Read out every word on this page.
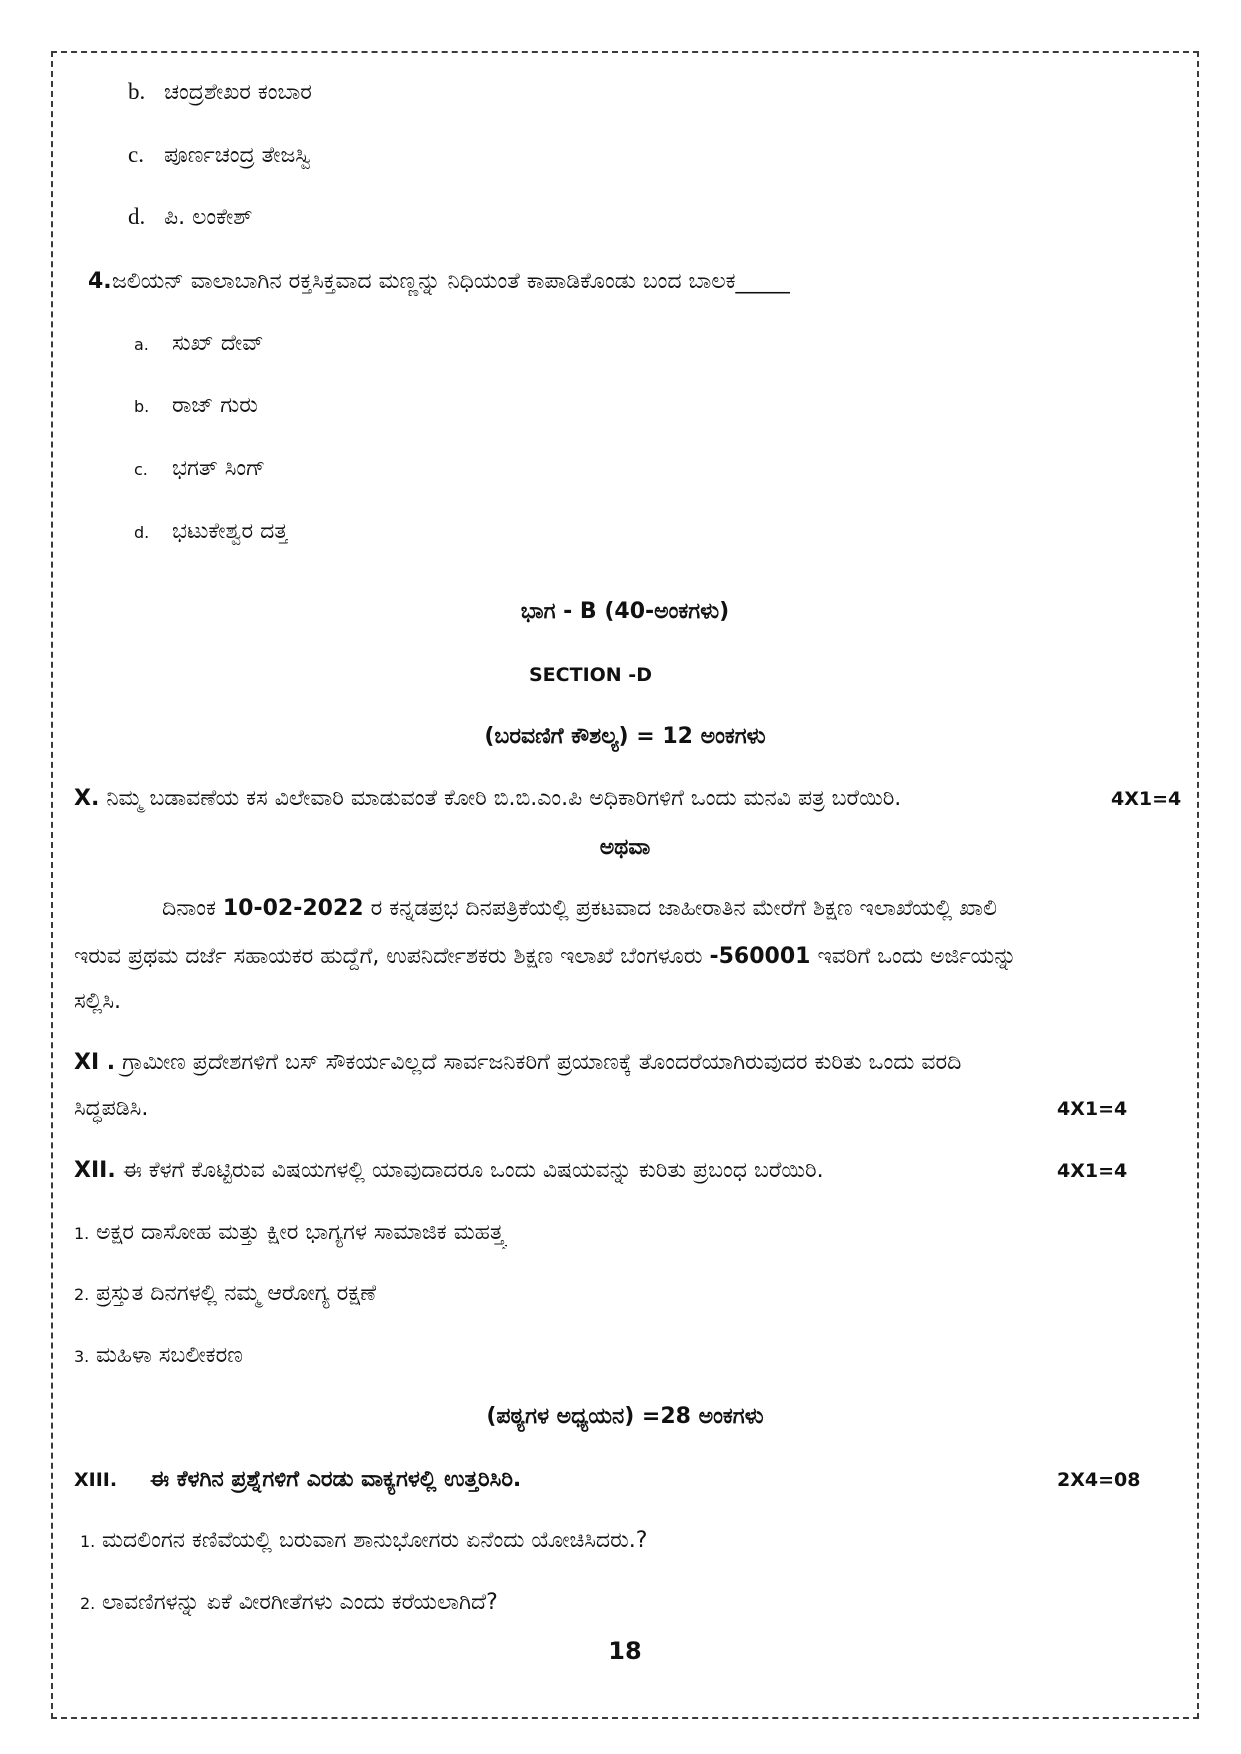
b. ಚಂದ್ರಶೇಖರ ಕಂಬಾರ
c. ಪೂರ್ಣಚಂದ್ರ ತೇಜಸ್ವಿ
d. ಪಿ. ಲಂಕೇಶ್
4.ಜಲಿಯನ್ ವಾಲಾಬಾಗಿನ ರಕ್ತಸಿಕ್ತವಾದ ಮಣ್ಣನ್ನು ನಿಧಿಯಂತೆ ಕಾಪಾಡಿಕೊಂಡು ಬಂದ ಬಾಲಕ_____
a. ಸುಖ್ ದೇವ್
b. ರಾಜ್ ಗುರು
c. ಭಗತ್ ಸಿಂಗ್
d. ಭಟುಕೇಶ್ವರ ದತ್ತ
ಭಾಗ - B (40-ಅಂಕಗಳು)
SECTION -D
(ಬರವಣಿಗೆ ಕೌಶಲ್ಯ) = 12 ಅಂಕಗಳು
X. ನಿಮ್ಮ ಬಡಾವಣೆಯ ಕಸ ವಿಲೇವಾರಿ ಮಾಡುವಂತೆ ಕೋರಿ ಬಿ.ಬಿ.ಎಂ.ಪಿ ಅಧಿಕಾರಿಗಳಿಗೆ ಒಂದು ಮನವಿ ಪತ್ರ ಬರೆಯಿರಿ.	4X1=4
ಅಥವಾ
ದಿನಾಂಕ 10-02-2022 ರ ಕನ್ನಡಪ್ರಭ ದಿನಪತ್ರಿಕೆಯಲ್ಲಿ ಪ್ರಕಟವಾದ ಜಾಹೀರಾತಿನ ಮೇರೆಗೆ ಶಿಕ್ಷಣ ಇಲಾಖೆಯಲ್ಲಿ ಖಾಲಿ
ಇರುವ ಪ್ರಥಮ ದರ್ಜೆ ಸಹಾಯಕರ ಹುದ್ದೆಗೆ, ಉಪನಿರ್ದೇಶಕರು ಶಿಕ್ಷಣ ಇಲಾಖೆ ಬೆಂಗಳೂರು -560001 ಇವರಿಗೆ ಒಂದು ಅರ್ಜಿಯನ್ನು
ಸಲ್ಲಿಸಿ.
XI . ಗ್ರಾಮೀಣ ಪ್ರದೇಶಗಳಿಗೆ ಬಸ್ ಸೌಕರ್ಯವಿಲ್ಲದೆ ಸಾರ್ವಜನಿಕರಿಗೆ ಪ್ರಯಾಣಕ್ಕೆ ತೊಂದರೆಯಾಗಿರುವುದರ ಕುರಿತು ಒಂದು ವರದಿ
ಸಿದ್ಧಪಡಿಸಿ.	4X1=4
XII. ಈ ಕೆಳಗೆ ಕೊಟ್ಟಿರುವ ವಿಷಯಗಳಲ್ಲಿ ಯಾವುದಾದರೂ ಒಂದು ವಿಷಯವನ್ನು ಕುರಿತು ಪ್ರಬಂಧ ಬರೆಯಿರಿ.	4X1=4
1. ಅಕ್ಷರ ದಾಸೋಹ ಮತ್ತು ಕ್ಷೀರ ಭಾಗ್ಯಗಳ ಸಾಮಾಜಿಕ ಮಹತ್ತ್ವ
2. ಪ್ರಸ್ತುತ ದಿನಗಳಲ್ಲಿ ನಮ್ಮ ಆರೋಗ್ಯ ರಕ್ಷಣೆ
3. ಮಹಿಳಾ ಸಬಲೀಕರಣ
(ಪಠ್ಯಗಳ ಅಧ್ಯಯನ) =28 ಅಂಕಗಳು
XIII. ಈ ಕೆಳಗಿನ ಪ್ರಶ್ನೆಗಳಿಗೆ ಎರಡು ವಾಕ್ಯಗಳಲ್ಲಿ ಉತ್ತರಿಸಿರಿ.	2X4=08
1. ಮದಲಿಂಗನ ಕಣಿವೆಯಲ್ಲಿ ಬರುವಾಗ ಶಾನುಭೋಗರು ಏನೆಂದು ಯೋಚಿಸಿದರು.?
2. ಲಾವಣಿಗಳನ್ನು ಏಕೆ ವೀರಗೀತೆಗಳು ಎಂದು ಕರೆಯಲಾಗಿದೆ?
18
